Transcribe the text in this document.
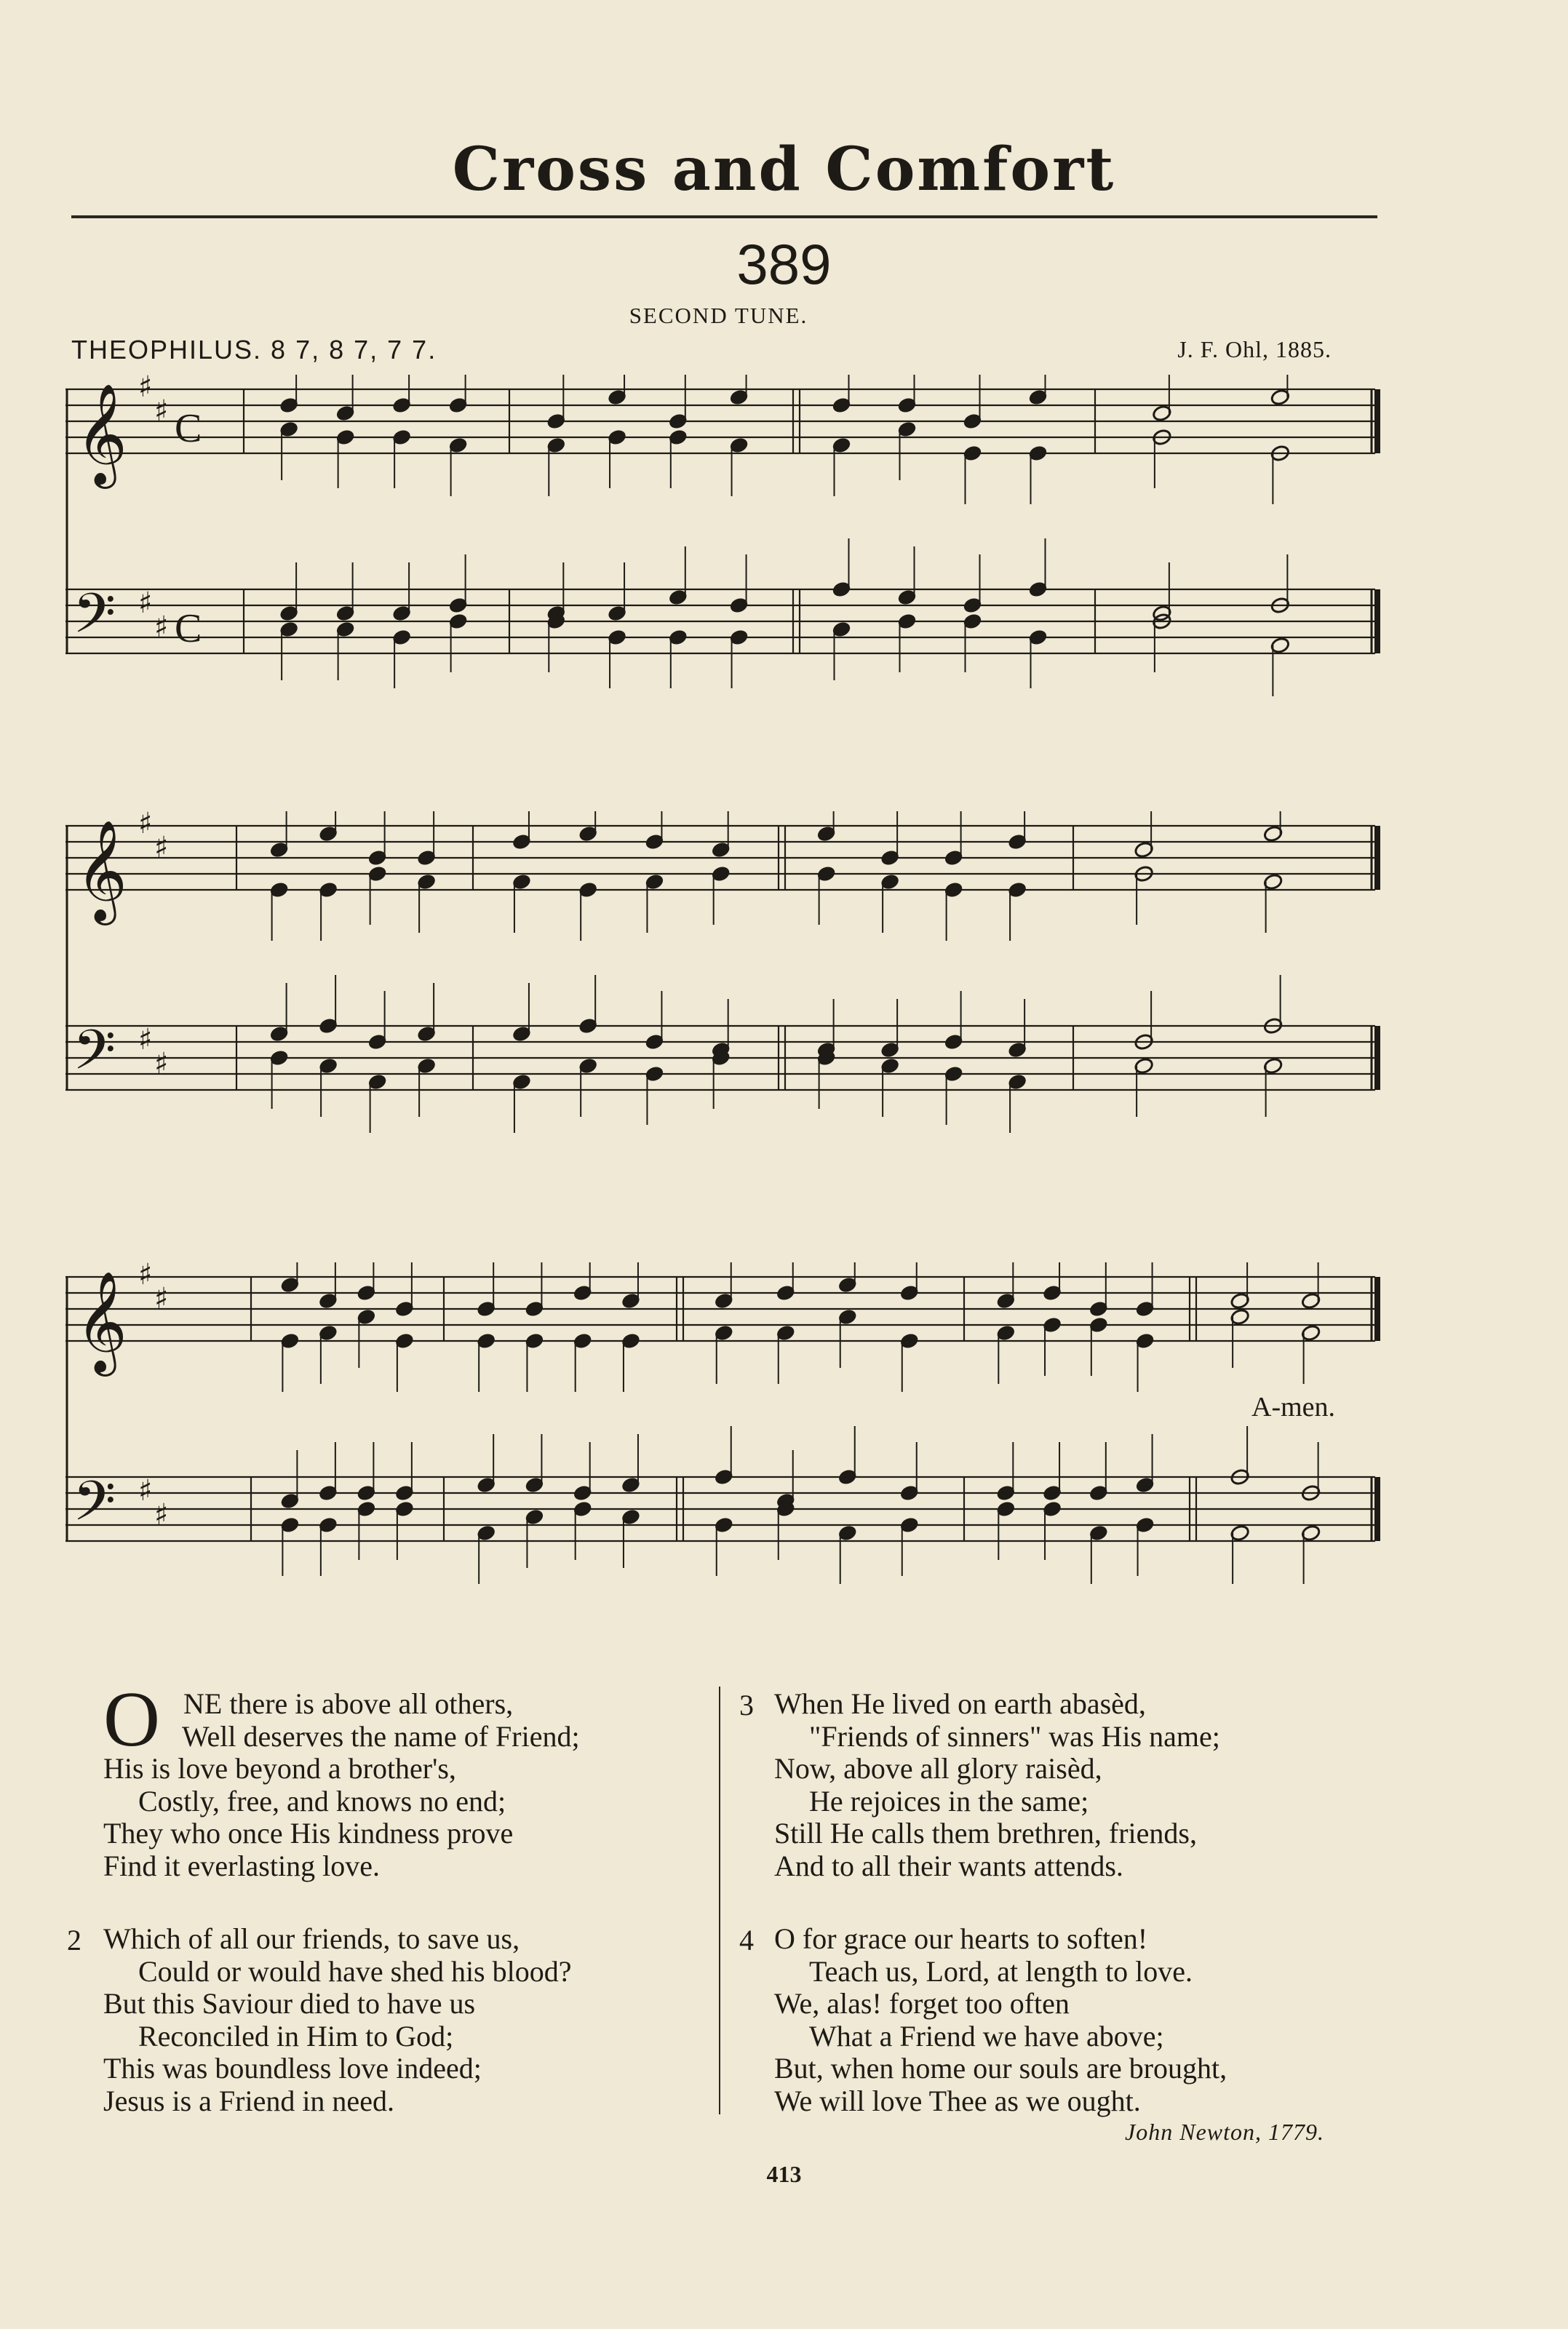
Cross and Comfort
389
SECOND TUNE.
THEOPHILUS. 8 7, 8 7, 7 7.	J. F. Ohl, 1885.
𝄞
𝄢
♯
♯
♯
♯
C
C
𝄞
𝄢
♯
♯
♯
♯
𝄞
𝄢
♯
♯
♯
♯
A-men.
O NE there is above all others,
Well deserves the name of Friend;
His is love beyond a brother's,
Costly, free, and knows no end;
They who once His kindness prove
Find it everlasting love.
2 Which of all our friends, to save us,
Could or would have shed his blood?
But this Saviour died to have us
Reconciled in Him to God;
This was boundless love indeed;
Jesus is a Friend in need.
3 When He lived on earth abasèd,
"Friends of sinners" was His name;
Now, above all glory raisèd,
He rejoices in the same;
Still He calls them brethren, friends,
And to all their wants attends.
4 O for grace our hearts to soften!
Teach us, Lord, at length to love.
We, alas! forget too often
What a Friend we have above;
But, when home our souls are brought,
We will love Thee as we ought.
John Newton, 1779.
413
